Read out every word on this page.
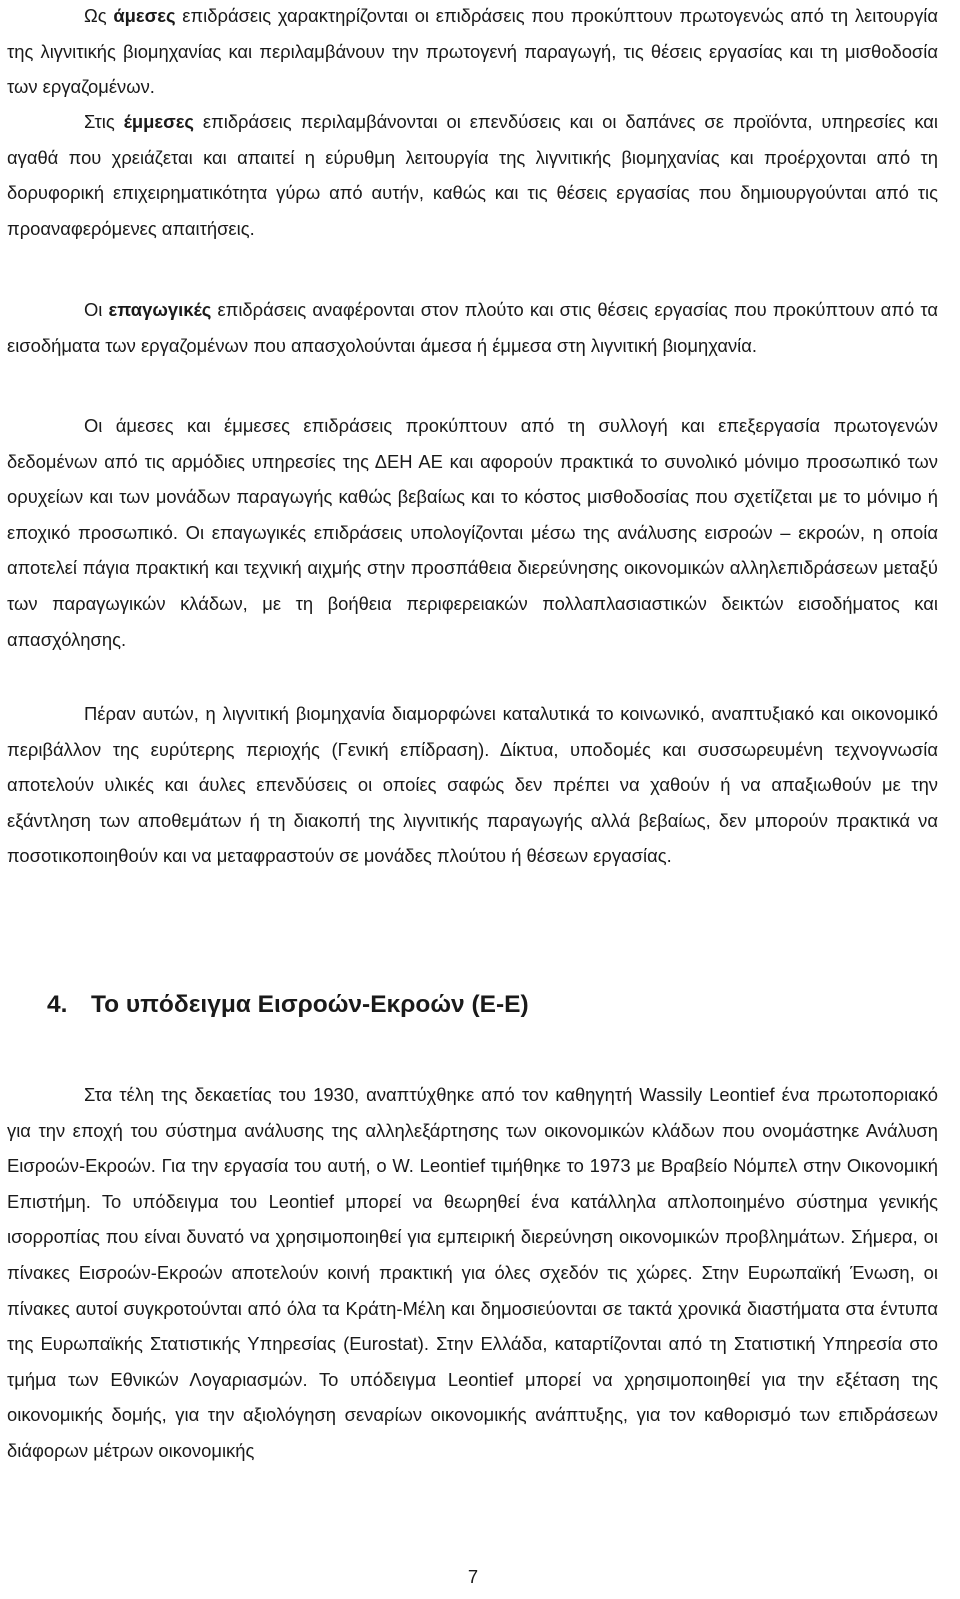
Ως άμεσες επιδράσεις χαρακτηρίζονται οι επιδράσεις που προκύπτουν πρωτογενώς από τη λειτουργία της λιγνιτικής βιομηχανίας και περιλαμβάνουν την πρωτογενή παραγωγή, τις θέσεις εργασίας και τη μισθοδοσία των εργαζομένων.

Στις έμμεσες επιδράσεις περιλαμβάνονται οι επενδύσεις και οι δαπάνες σε προϊόντα, υπηρεσίες και αγαθά που χρειάζεται και απαιτεί η εύρυθμη λειτουργία της λιγνιτικής βιομηχανίας και προέρχονται από τη δορυφορική επιχειρηματικότητα γύρω από αυτήν, καθώς και τις θέσεις εργασίας που δημιουργούνται από τις προαναφερόμενες απαιτήσεις.

Οι επαγωγικές επιδράσεις αναφέρονται στον πλούτο και στις θέσεις εργασίας που προκύπτουν από τα εισοδήματα των εργαζομένων που απασχολούνται άμεσα ή έμμεσα στη λιγνιτική βιομηχανία.

Οι άμεσες και έμμεσες επιδράσεις προκύπτουν από τη συλλογή και επεξεργασία πρωτογενών δεδομένων από τις αρμόδιες υπηρεσίες της ΔΕΗ ΑΕ και αφορούν πρακτικά το συνολικό μόνιμο προσωπικό των ορυχείων και των μονάδων παραγωγής καθώς βεβαίως και το κόστος μισθοδοσίας που σχετίζεται με το μόνιμο ή εποχικό προσωπικό. Οι επαγωγικές επιδράσεις υπολογίζονται μέσω της ανάλυσης εισροών – εκροών, η οποία αποτελεί πάγια πρακτική και τεχνική αιχμής στην προσπάθεια διερεύνησης οικονομικών αλληλεπιδράσεων μεταξύ των παραγωγικών κλάδων, με τη βοήθεια περιφερειακών πολλαπλασιαστικών δεικτών εισοδήματος και απασχόλησης.

Πέραν αυτών, η λιγνιτική βιομηχανία διαμορφώνει καταλυτικά το κοινωνικό, αναπτυξιακό και οικονομικό περιβάλλον της ευρύτερης περιοχής (Γενική επίδραση). Δίκτυα, υποδομές και συσσωρευμένη τεχνογνωσία αποτελούν υλικές και άυλες επενδύσεις οι οποίες σαφώς δεν πρέπει να χαθούν ή να απαξιωθούν με την εξάντληση των αποθεμάτων ή τη διακοπή της λιγνιτικής παραγωγής αλλά βεβαίως, δεν μπορούν πρακτικά να ποσοτικοποιηθούν και να μεταφραστούν σε μονάδες πλούτου ή θέσεων εργασίας.

4. Το υπόδειγμα Εισροών-Εκροών (Ε-Ε)

Στα τέλη της δεκαετίας του 1930, αναπτύχθηκε από τον καθηγητή Wassily Leontief ένα πρωτοποριακό για την εποχή του σύστημα ανάλυσης της αλληλεξάρτησης των οικονομικών κλάδων που ονομάστηκε Ανάλυση Εισροών-Εκροών. Για την εργασία του αυτή, ο W. Leontief τιμήθηκε το 1973 με Βραβείο Νόμπελ στην Οικονομική Επιστήμη. Το υπόδειγμα του Leontief μπορεί να θεωρηθεί ένα κατάλληλα απλοποιημένο σύστημα γενικής ισορροπίας που είναι δυνατό να χρησιμοποιηθεί για εμπειρική διερεύνηση οικονομικών προβλημάτων. Σήμερα, οι πίνακες Εισροών-Εκροών αποτελούν κοινή πρακτική για όλες σχεδόν τις χώρες. Στην Ευρωπαϊκή Ένωση, οι πίνακες αυτοί συγκροτούνται από όλα τα Κράτη-Μέλη και δημοσιεύονται σε τακτά χρονικά διαστήματα στα έντυπα της Ευρωπαϊκής Στατιστικής Υπηρεσίας (Eurostat). Στην Ελλάδα, καταρτίζονται από τη Στατιστική Υπηρεσία στο τμήμα των Εθνικών Λογαριασμών. Το υπόδειγμα Leontief μπορεί να χρησιμοποιηθεί για την εξέταση της οικονομικής δομής, για την αξιολόγηση σεναρίων οικονομικής ανάπτυξης, για τον καθορισμό των επιδράσεων διάφορων μέτρων οικονομικής

7
